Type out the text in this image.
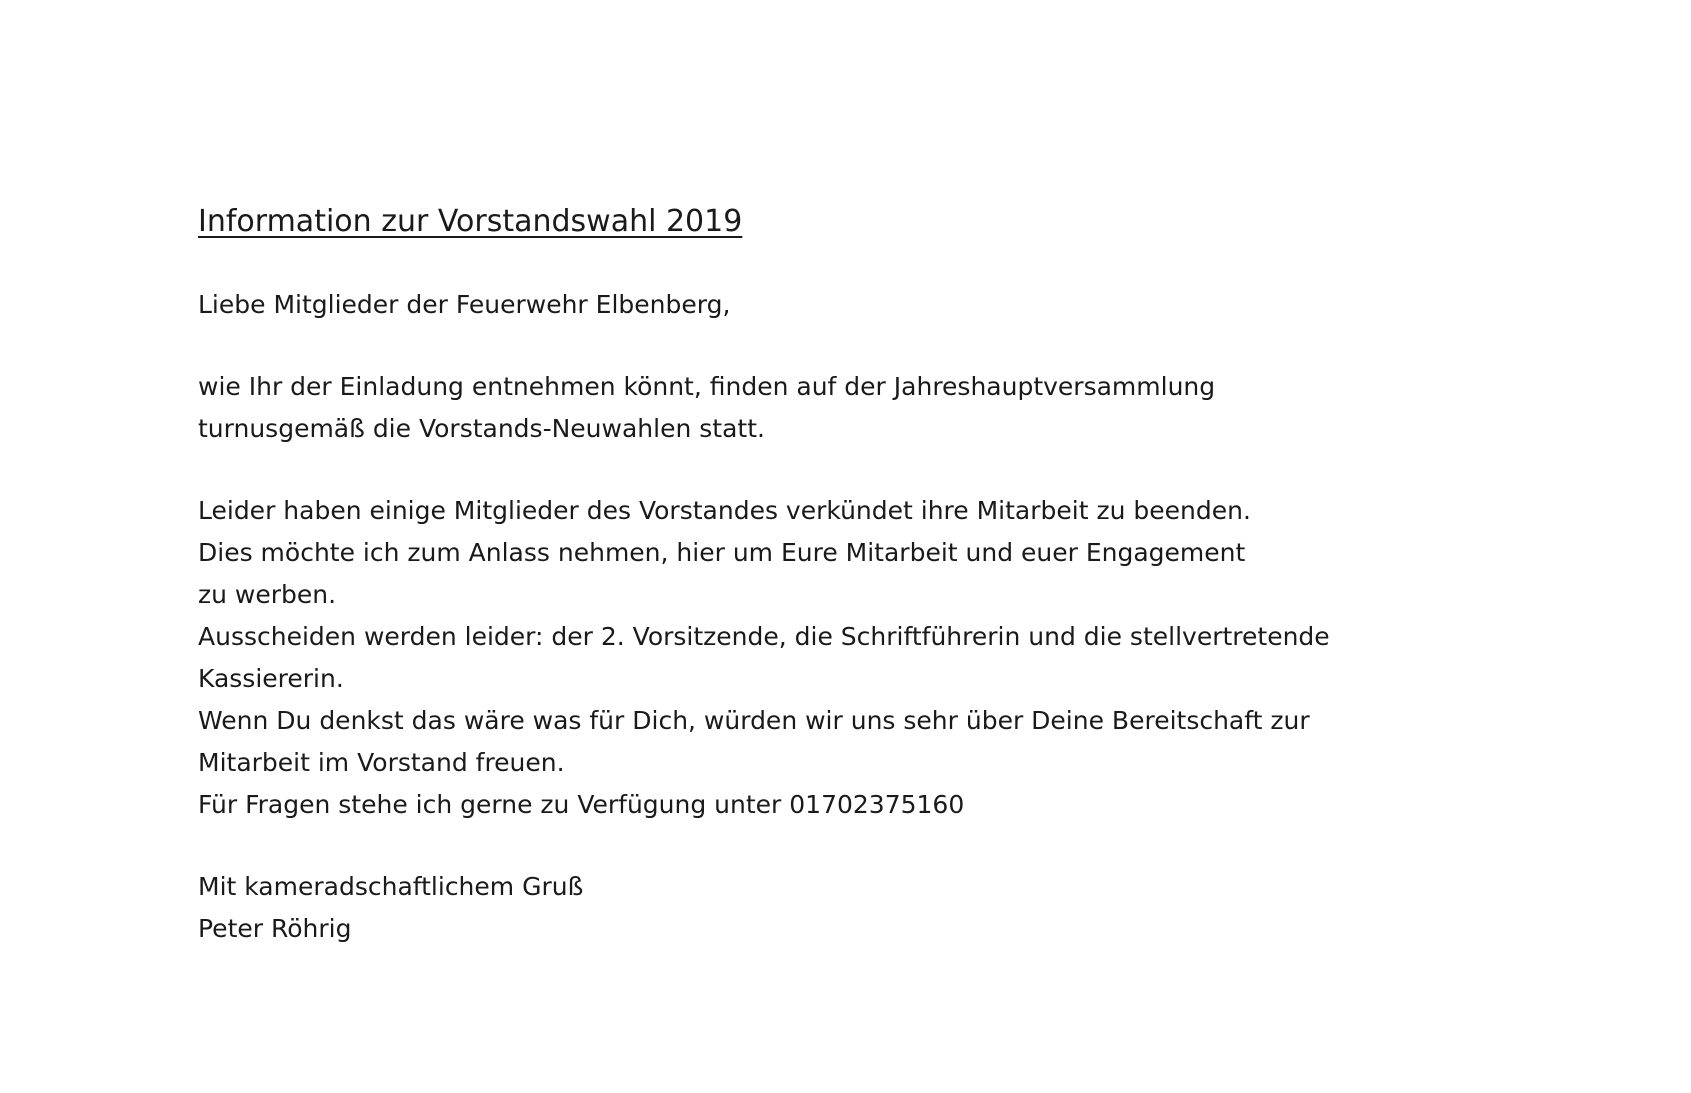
Information zur Vorstandswahl 2019

Liebe Mitglieder der Feuerwehr Elbenberg,

wie Ihr der Einladung entnehmen könnt, finden auf der Jahreshauptversammlung

turnusgemäß die Vorstands-Neuwahlen statt.

Leider haben einige Mitglieder des Vorstandes verkündet ihre Mitarbeit zu beenden.

Dies möchte ich zum Anlass nehmen, hier um Eure Mitarbeit und euer Engagement

zu werben.

Ausscheiden werden leider: der 2. Vorsitzende, die Schriftführerin und die stellvertretende

Kassiererin.

Wenn Du denkst das wäre was für Dich, würden wir uns sehr über Deine Bereitschaft zur

Mitarbeit im Vorstand freuen.

Für Fragen stehe ich gerne zu Verfügung unter 01702375160

Mit kameradschaftlichem Gruß

Peter Röhrig
